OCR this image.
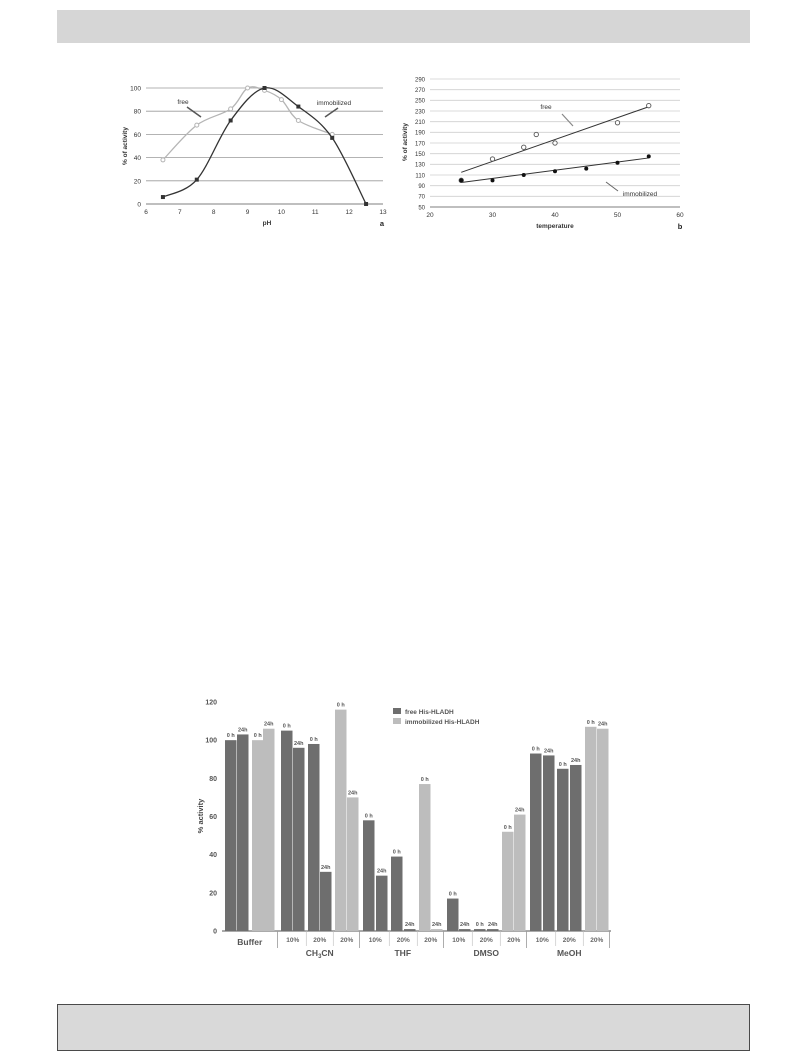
0
20
40
60
80
100
6	7	8	9	10	11	12	13
pH
% of activity
a
free	immobilized
50
70
90
110
130
150
170
190
210
230
250
270
290
20	30	40	50	60
temperature
% of activity
b
free
immobilized
0
20
40
60
80
100
120
% activity
0 h
24h
0 h
24h
Buffer
0 h
24h
0 h
24h
0 h
24h
10% 20% 20%
$CH_3CN$
0 h
24h
0 h
24h
0 h
24h
10% 20% 20%
THF
0 h
24h 0 h 24h
0 h
24h
10% 20% 20%
DMSO
0 h 24h
0 h
24h
0 h 24h
10% 20% 20%
MeOH
free His-HLADH
immobilized His-HLADH
